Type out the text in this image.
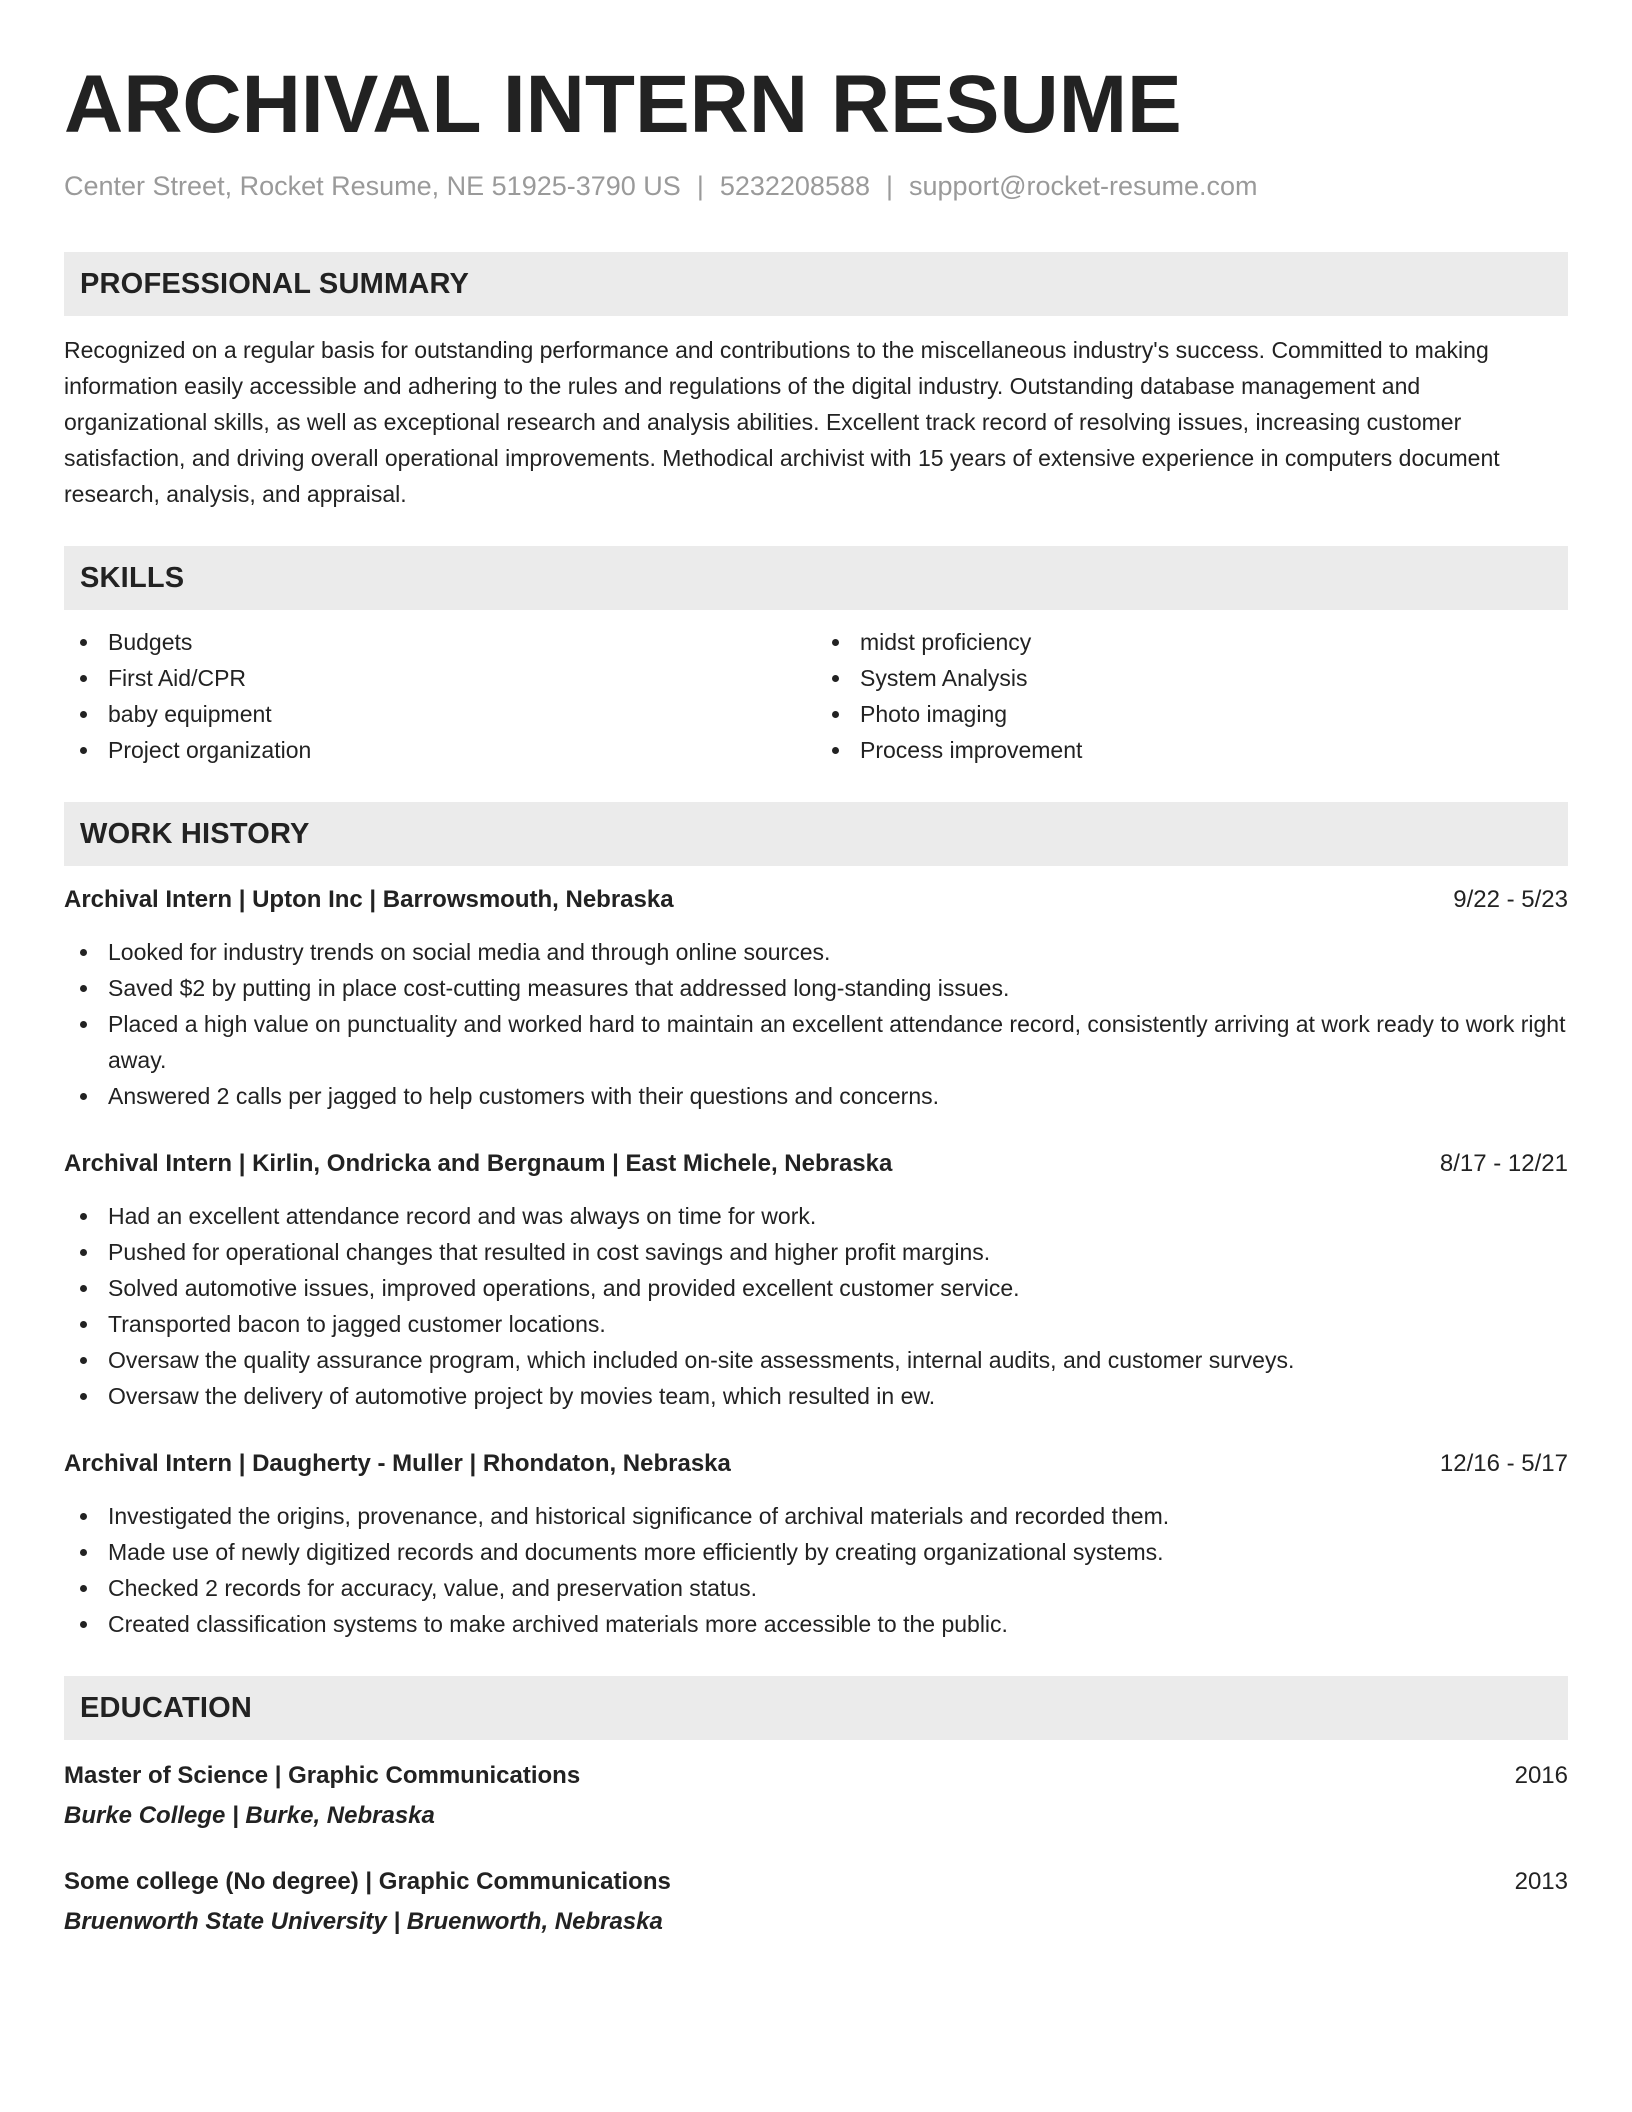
ARCHIVAL INTERN RESUME
Center Street, Rocket Resume, NE 51925-3790 US | 5232208588 | support@rocket-resume.com
PROFESSIONAL SUMMARY
Recognized on a regular basis for outstanding performance and contributions to the miscellaneous industry's success. Committed to making information easily accessible and adhering to the rules and regulations of the digital industry. Outstanding database management and organizational skills, as well as exceptional research and analysis abilities. Excellent track record of resolving issues, increasing customer satisfaction, and driving overall operational improvements. Methodical archivist with 15 years of extensive experience in computers document research, analysis, and appraisal.
SKILLS
Budgets
First Aid/CPR
baby equipment
Project organization
midst proficiency
System Analysis
Photo imaging
Process improvement
WORK HISTORY
Archival Intern | Upton Inc | Barrowsmouth, Nebraska	9/22 - 5/23
Looked for industry trends on social media and through online sources.
Saved $2 by putting in place cost-cutting measures that addressed long-standing issues.
Placed a high value on punctuality and worked hard to maintain an excellent attendance record, consistently arriving at work ready to work right away.
Answered 2 calls per jagged to help customers with their questions and concerns.
Archival Intern | Kirlin, Ondricka and Bergnaum | East Michele, Nebraska	8/17 - 12/21
Had an excellent attendance record and was always on time for work.
Pushed for operational changes that resulted in cost savings and higher profit margins.
Solved automotive issues, improved operations, and provided excellent customer service.
Transported bacon to jagged customer locations.
Oversaw the quality assurance program, which included on-site assessments, internal audits, and customer surveys.
Oversaw the delivery of automotive project by movies team, which resulted in ew.
Archival Intern | Daugherty - Muller | Rhondaton, Nebraska	12/16 - 5/17
Investigated the origins, provenance, and historical significance of archival materials and recorded them.
Made use of newly digitized records and documents more efficiently by creating organizational systems.
Checked 2 records for accuracy, value, and preservation status.
Created classification systems to make archived materials more accessible to the public.
EDUCATION
Master of Science | Graphic Communications	2016
Burke College | Burke, Nebraska
Some college (No degree) | Graphic Communications	2013
Bruenworth State University | Bruenworth, Nebraska
